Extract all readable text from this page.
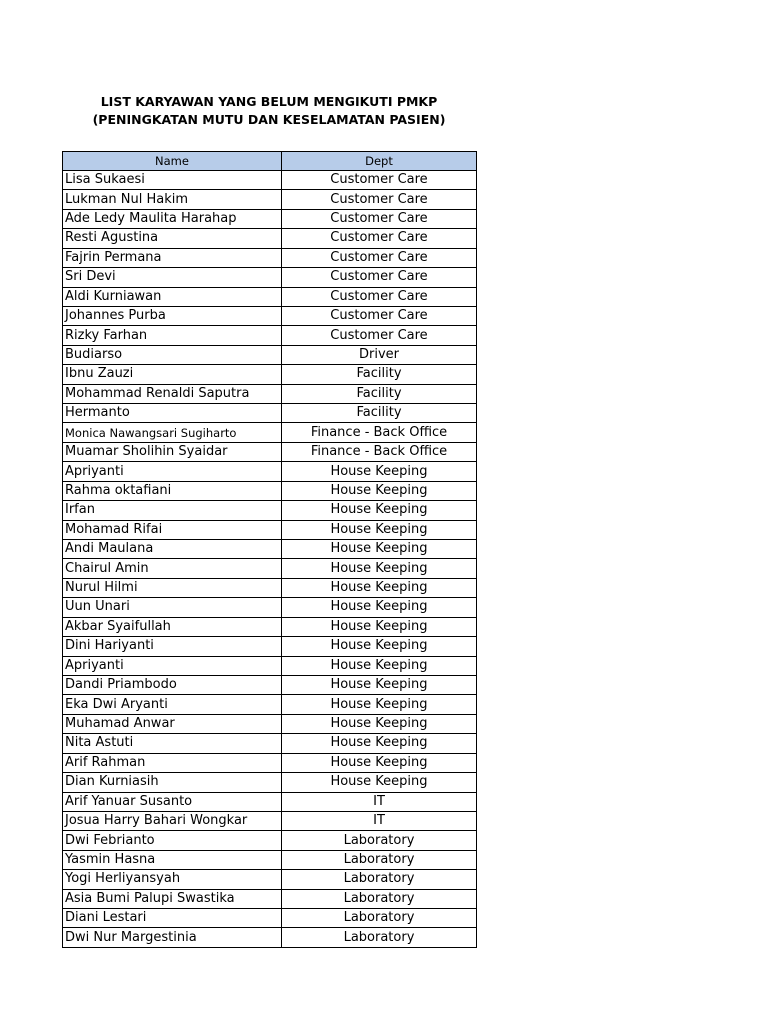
LIST KARYAWAN YANG BELUM MENGIKUTI PMKP
(PENINGKATAN MUTU DAN KESELAMATAN PASIEN)
Name	Dept
Lisa Sukaesi	Customer Care
Lukman Nul Hakim	Customer Care
Ade Ledy Maulita Harahap	Customer Care
Resti Agustina	Customer Care
Fajrin Permana	Customer Care
Sri Devi	Customer Care
Aldi Kurniawan	Customer Care
Johannes Purba	Customer Care
Rizky Farhan	Customer Care
Budiarso	Driver
Ibnu Zauzi	Facility
Mohammad Renaldi Saputra	Facility
Hermanto	Facility
Monica Nawangsari Sugiharto	Finance - Back Office
Muamar Sholihin Syaidar	Finance - Back Office
Apriyanti	House Keeping
Rahma oktafiani	House Keeping
Irfan	House Keeping
Mohamad Rifai	House Keeping
Andi Maulana	House Keeping
Chairul Amin	House Keeping
Nurul Hilmi	House Keeping
Uun Unari	House Keeping
Akbar Syaifullah	House Keeping
Dini Hariyanti	House Keeping
Apriyanti	House Keeping
Dandi Priambodo	House Keeping
Eka Dwi Aryanti	House Keeping
Muhamad Anwar	House Keeping
Nita Astuti	House Keeping
Arif Rahman	House Keeping
Dian Kurniasih	House Keeping
Arif Yanuar Susanto	IT
Josua Harry Bahari Wongkar	IT
Dwi Febrianto	Laboratory
Yasmin Hasna	Laboratory
Yogi Herliyansyah	Laboratory
Asia Bumi Palupi Swastika	Laboratory
Diani Lestari	Laboratory
Dwi Nur Margestinia	Laboratory
